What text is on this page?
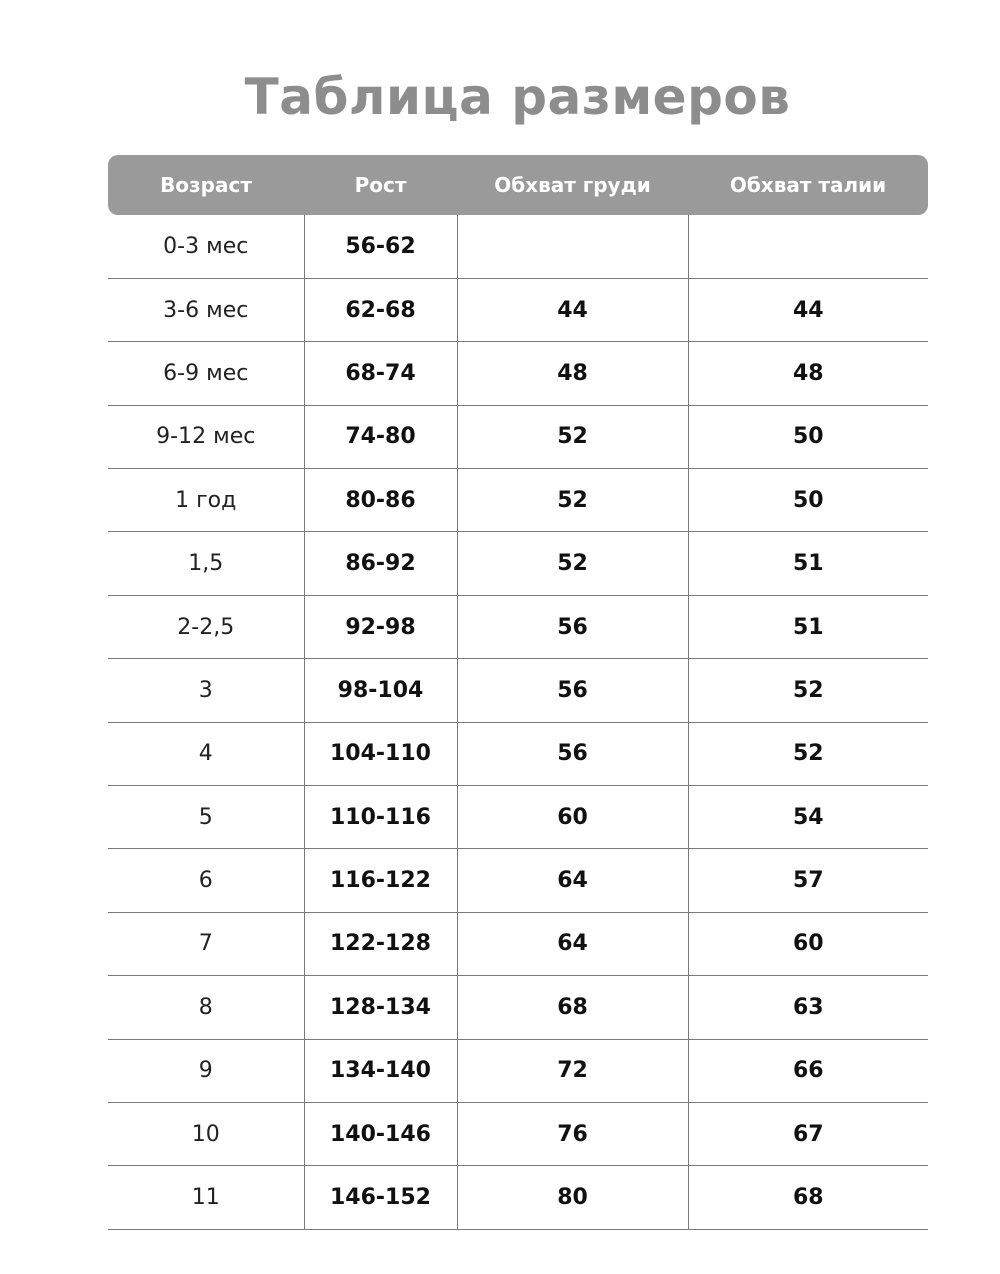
Таблица размеров
Возраст	Рост	Обхват груди	Обхват талии
0-3 мес	56-62		
3-6 мес	62-68	44	44
6-9 мес	68-74	48	48
9-12 мес	74-80	52	50
1 год	80-86	52	50
1,5	86-92	52	51
2-2,5	92-98	56	51
3	98-104	56	52
4	104-110	56	52
5	110-116	60	54
6	116-122	64	57
7	122-128	64	60
8	128-134	68	63
9	134-140	72	66
10	140-146	76	67
11	146-152	80	68
